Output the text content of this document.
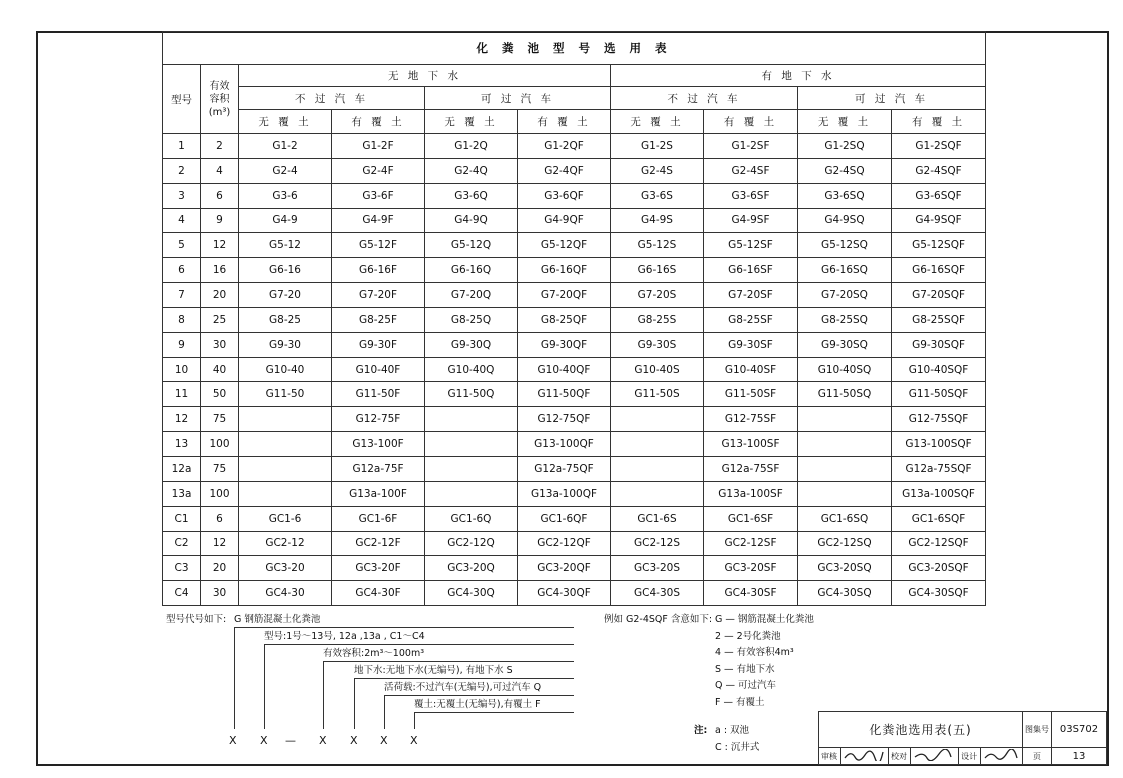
化 粪 池 型 号 选 用 表									
型号	有效
容积
(m³)	无 地 下 水				有 地 下 水			
		不 过 汽 车		可 过 汽 车		不 过 汽 车		可 过 汽 车	
		无 覆 土	有 覆 土	无 覆 土	有 覆 土	无 覆 土	有 覆 土	无 覆 土	有 覆 土
1	2	G1-2	G1-2F	G1-2Q	G1-2QF	G1-2S	G1-2SF	G1-2SQ	G1-2SQF
2	4	G2-4	G2-4F	G2-4Q	G2-4QF	G2-4S	G2-4SF	G2-4SQ	G2-4SQF
3	6	G3-6	G3-6F	G3-6Q	G3-6QF	G3-6S	G3-6SF	G3-6SQ	G3-6SQF
4	9	G4-9	G4-9F	G4-9Q	G4-9QF	G4-9S	G4-9SF	G4-9SQ	G4-9SQF
5	12	G5-12	G5-12F	G5-12Q	G5-12QF	G5-12S	G5-12SF	G5-12SQ	G5-12SQF
6	16	G6-16	G6-16F	G6-16Q	G6-16QF	G6-16S	G6-16SF	G6-16SQ	G6-16SQF
7	20	G7-20	G7-20F	G7-20Q	G7-20QF	G7-20S	G7-20SF	G7-20SQ	G7-20SQF
8	25	G8-25	G8-25F	G8-25Q	G8-25QF	G8-25S	G8-25SF	G8-25SQ	G8-25SQF
9	30	G9-30	G9-30F	G9-30Q	G9-30QF	G9-30S	G9-30SF	G9-30SQ	G9-30SQF
10	40	G10-40	G10-40F	G10-40Q	G10-40QF	G10-40S	G10-40SF	G10-40SQ	G10-40SQF
11	50	G11-50	G11-50F	G11-50Q	G11-50QF	G11-50S	G11-50SF	G11-50SQ	G11-50SQF
12	75		G12-75F		G12-75QF		G12-75SF		G12-75SQF
13	100		G13-100F		G13-100QF		G13-100SF		G13-100SQF
12a	75		G12a-75F		G12a-75QF		G12a-75SF		G12a-75SQF
13a	100		G13a-100F		G13a-100QF		G13a-100SF		G13a-100SQF
C1	6	GC1-6	GC1-6F	GC1-6Q	GC1-6QF	GC1-6S	GC1-6SF	GC1-6SQ	GC1-6SQF
C2	12	GC2-12	GC2-12F	GC2-12Q	GC2-12QF	GC2-12S	GC2-12SF	GC2-12SQ	GC2-12SQF
C3	20	GC3-20	GC3-20F	GC3-20Q	GC3-20QF	GC3-20S	GC3-20SF	GC3-20SQ	GC3-20SQF
C4	30	GC4-30	GC4-30F	GC4-30Q	GC4-30QF	GC4-30S	GC4-30SF	GC4-30SQ	GC4-30SQF
型号代号如下: G 钢筋混凝土化粪池
型号:1号～13号, 12a ,13a , C1～C4
有效容积:2m³～100m³
地下水:无地下水(无编号), 有地下水 S
活荷载:不过汽车(无编号),可过汽车 Q
覆土:无覆土(无编号),有覆土 F
X X — X X X X
例如 G2-4SQF 含意如下: G — 钢筋混凝土化粪池
2 — 2号化粪池
4 — 有效容积4m³
S — 有地下水
Q — 可过汽车
F — 有覆土
注: a : 双池
C : 沉井式
化粪池选用表(五)						图集号	03S702
审核		校对		设计		页	13
